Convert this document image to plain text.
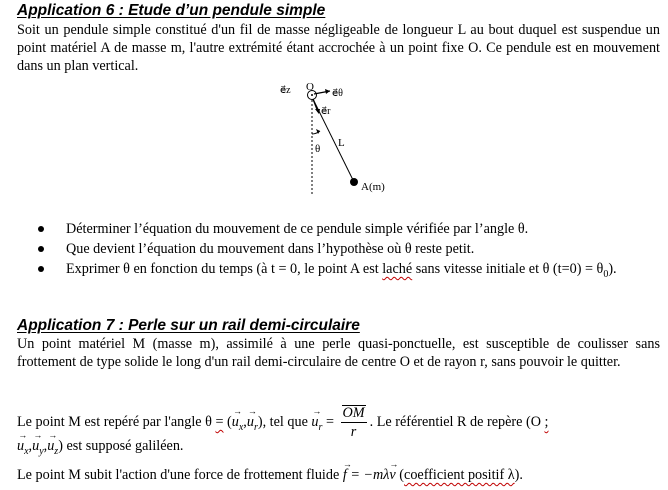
Application 6 : Etude d’un pendule simple
Soit un pendule simple constitué d'un fil de masse négligeable de longueur L au bout duquel est suspendue un point matériel A de masse m, l'autre extrémité étant accrochée à un point fixe O. Ce pendule est en mouvement dans un plan vertical.
e⃗z O
e⃗θ
e⃗r
L
θ
A(m)
Déterminer l’équation du mouvement de ce pendule simple vérifiée par l’angle θ.
Que devient l’équation du mouvement dans l’hypothèse où θ reste petit.
Exprimer θ en fonction du temps (à t = 0, le point A est laché sans vitesse initiale et θ $(t=0) = \theta_0$).
Application 7 : Perle sur un rail demi-circulaire
Un point matériel M (masse m), assimilé à une perle quasi-ponctuelle, est susceptible de coulisser sans frottement de type solide le long d'un rail demi-circulaire de centre O et de rayon r, sans pouvoir le quitter.
Le point M est repéré par l'angle θ = (
→
$u_x$,
→
$u_r$), tel que
→
$u_r = \frac{OM}{r}$ . Le référentiel R de repère (O ;
→
$u_x$,
→
$u_y$,
→
$u_z$) est supposé galiléen.
Le point M subit l'action d'une force de frottement fluide
→
f = −mλ
→
v (coefficient positif λ).
